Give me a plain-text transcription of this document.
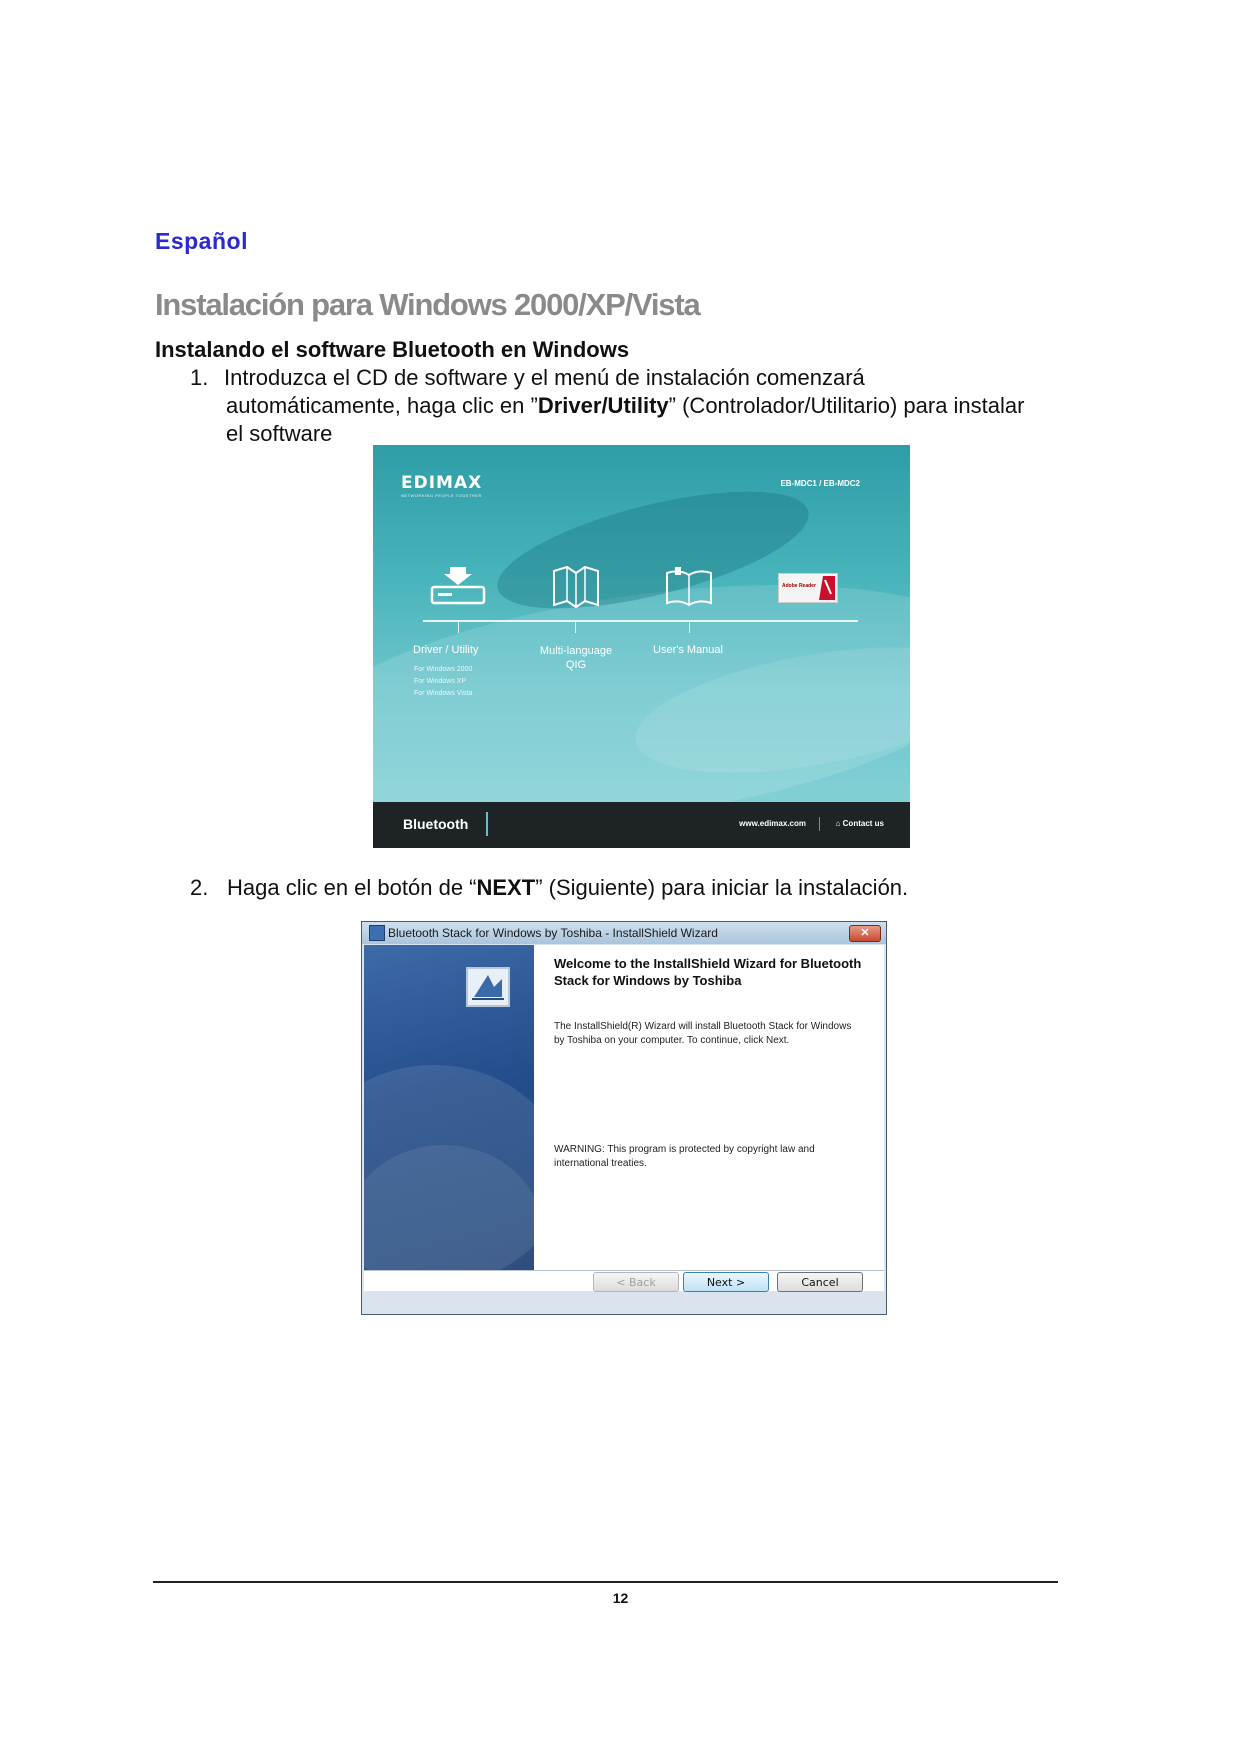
Español
Instalación para Windows 2000/XP/Vista
Instalando el software Bluetooth en Windows
1. Introduzca el CD de software y el menú de instalación comenzará
automáticamente, haga clic en ”Driver/Utility” (Controlador/Utilitario) para instalar
el software
EDIMAX
NETWORKING PEOPLE TOGETHER
EB-MDC1 / EB-MDC2
Adobe Reader
Driver / Utility	Multi-language
QIG
User's Manual
For Windows 2000
For Windows XP
For Windows Vista
Bluetooth	www.edimax.com	⌂ Contact us
2. Haga clic en el botón de “NEXT” (Siguiente) para iniciar la instalación.
Bluetooth Stack for Windows by Toshiba - InstallShield Wizard	✕
Welcome to the InstallShield Wizard for Bluetooth Stack for Windows by Toshiba
The InstallShield(R) Wizard will install Bluetooth Stack for Windows by Toshiba on your computer. To continue, click Next.
WARNING: This program is protected by copyright law and international treaties.
< Back	Next >	Cancel
12
